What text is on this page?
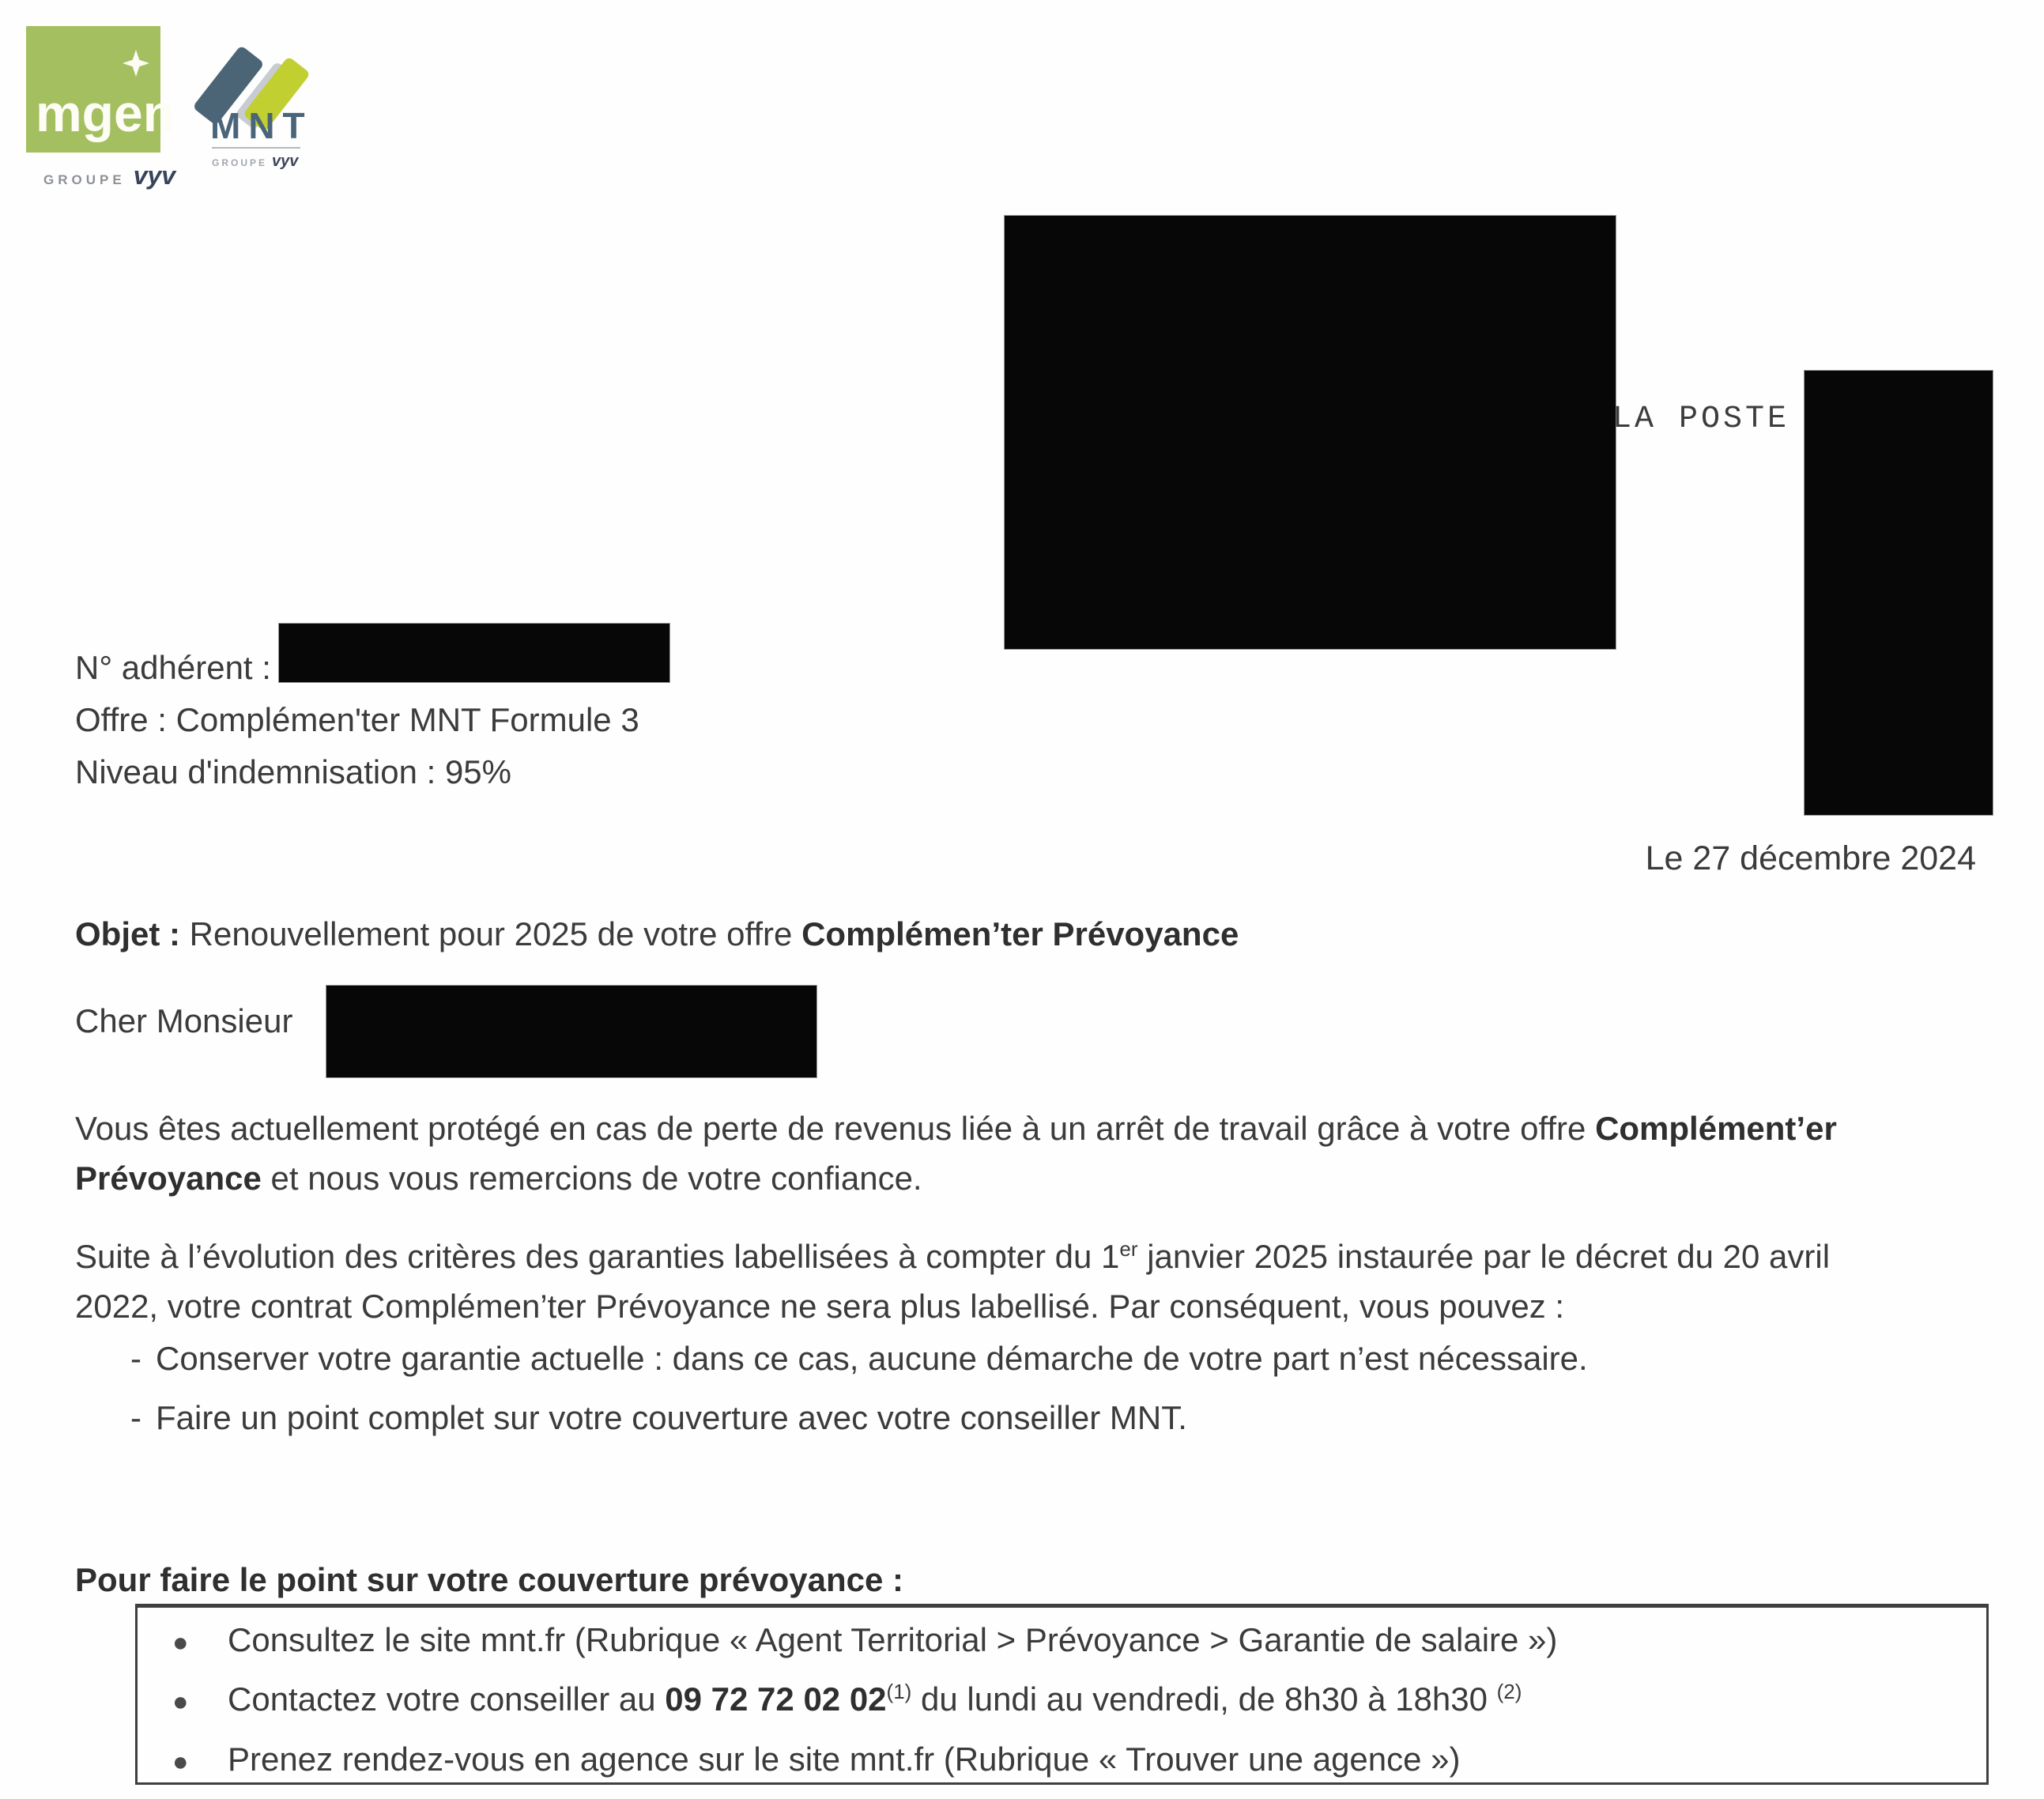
mgen
GROUPE vyv
MNT
GROUPE vyv
LA POSTE
N° adhérent :
Offre : Complémen'ter MNT Formule 3
Niveau d'indemnisation : 95%
Le 27 décembre 2024
Objet : Renouvellement pour 2025 de votre offre Complémen’ter Prévoyance
Cher Monsieur
Vous êtes actuellement protégé en cas de perte de revenus liée à un arrêt de travail grâce à votre offre Complément’er
Prévoyance et nous vous remercions de votre confiance.
Suite à l’évolution des critères des garanties labellisées à compter du 1er janvier 2025 instaurée par le décret du 20 avril
2022, votre contrat Complémen’ter Prévoyance ne sera plus labellisé. Par conséquent, vous pouvez :
- Conserver votre garantie actuelle : dans ce cas, aucune démarche de votre part n’est nécessaire.
- Faire un point complet sur votre couverture avec votre conseiller MNT.
Pour faire le point sur votre couverture prévoyance :
● Consultez le site mnt.fr (Rubrique « Agent Territorial > Prévoyance > Garantie de salaire »)
● Contactez votre conseiller au 09 72 72 02 02$^{(1)}$ du lundi au vendredi, de 8h30 à 18h30 $^{(2)}$
● Prenez rendez-vous en agence sur le site mnt.fr (Rubrique « Trouver une agence »)
